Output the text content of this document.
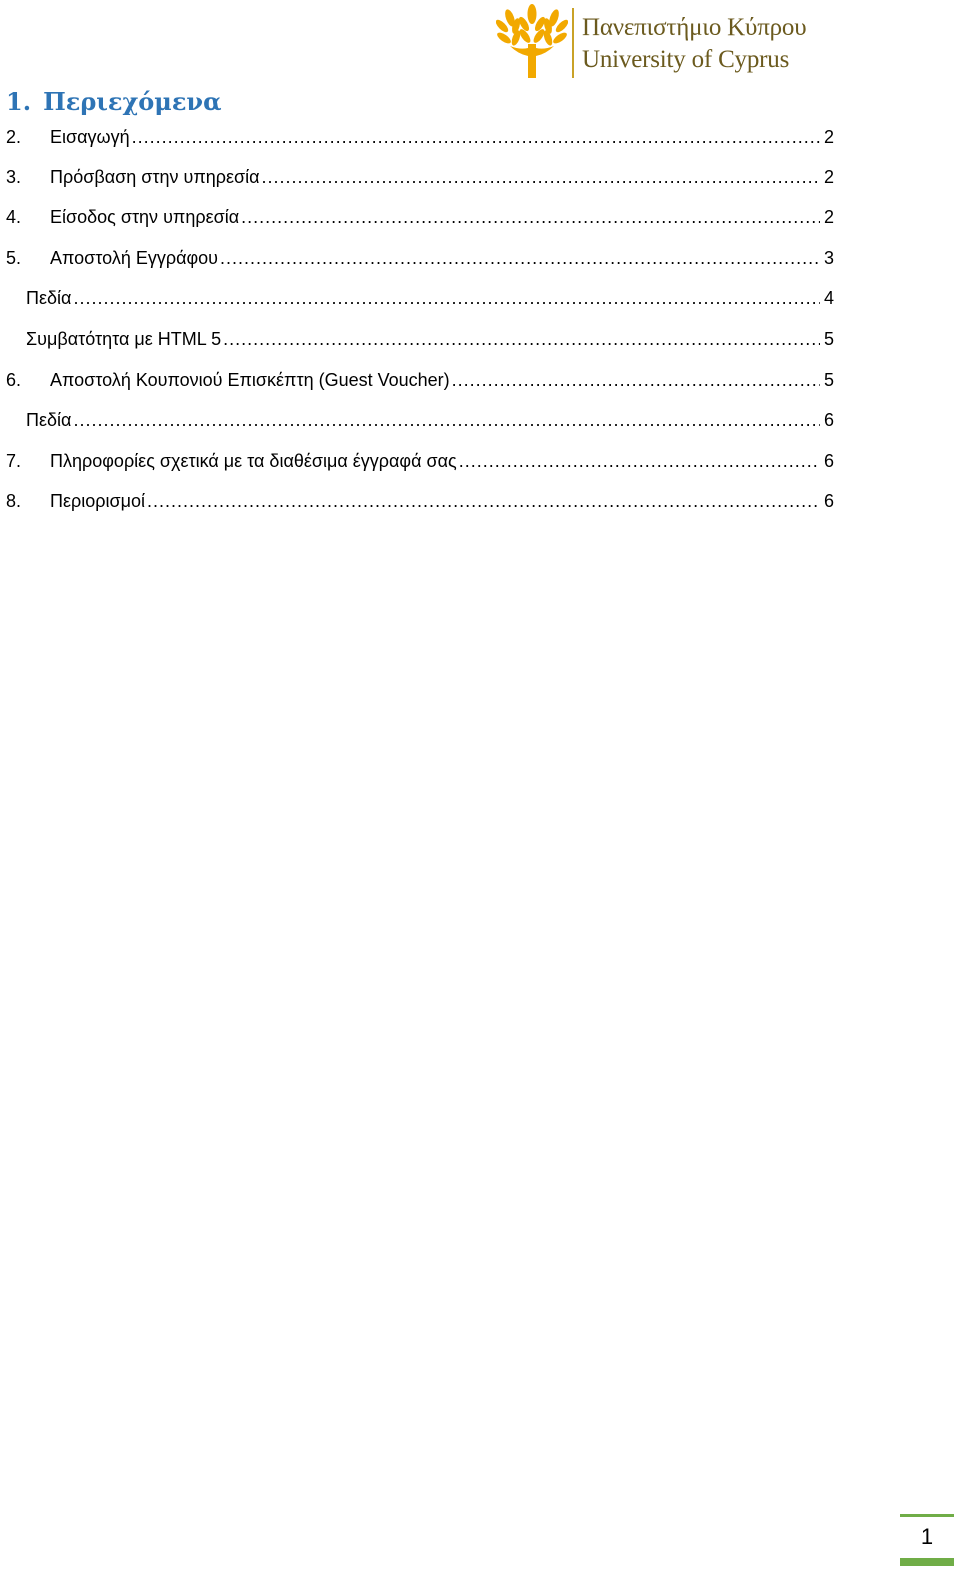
Πανεπιστήμιο Κύπρου
University of Cyprus
1. Περιεχόμενα
2.	Εισαγωγή .....	2
3.	Πρόσβαση στην υπηρεσία .....	2
4.	Είσοδος στην υπηρεσία .....	2
5.	Αποστολή Εγγράφου .....	3
Πεδία .....	4
Συμβατότητα με HTML 5 .....	5
6.	Αποστολή Κουπονιού Επισκέπτη (Guest Voucher) .....	5
Πεδία .....	6
7.	Πληροφορίες σχετικά με τα διαθέσιμα έγγραφά σας .....	6
8.	Περιορισμοί .....	6
1
